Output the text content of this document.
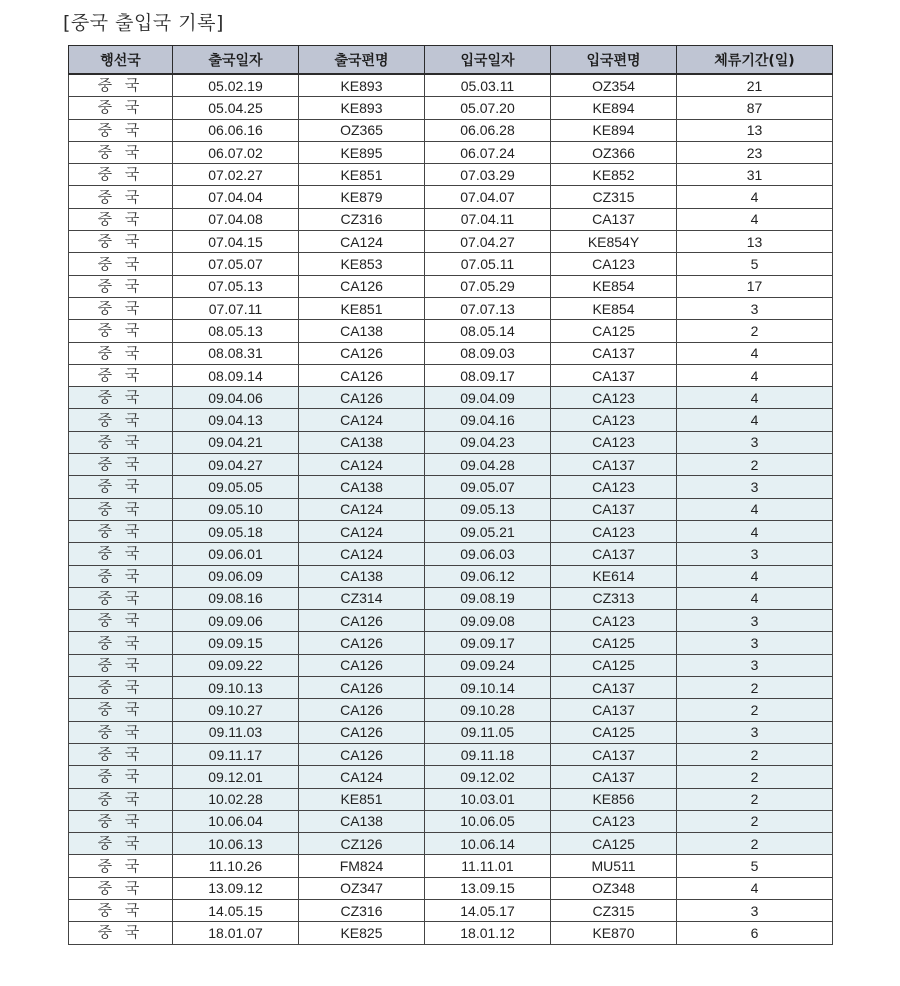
[중국 출입국 기록]
행선국	출국일자	출국편명	입국일자	입국편명	체류기간(일)
중 국	05.02.19	KE893	05.03.11	OZ354	21
중 국	05.04.25	KE893	05.07.20	KE894	87
중 국	06.06.16	OZ365	06.06.28	KE894	13
중 국	06.07.02	KE895	06.07.24	OZ366	23
중 국	07.02.27	KE851	07.03.29	KE852	31
중 국	07.04.04	KE879	07.04.07	CZ315	4
중 국	07.04.08	CZ316	07.04.11	CA137	4
중 국	07.04.15	CA124	07.04.27	KE854Y	13
중 국	07.05.07	KE853	07.05.11	CA123	5
중 국	07.05.13	CA126	07.05.29	KE854	17
중 국	07.07.11	KE851	07.07.13	KE854	3
중 국	08.05.13	CA138	08.05.14	CA125	2
중 국	08.08.31	CA126	08.09.03	CA137	4
중 국	08.09.14	CA126	08.09.17	CA137	4
중 국	09.04.06	CA126	09.04.09	CA123	4
중 국	09.04.13	CA124	09.04.16	CA123	4
중 국	09.04.21	CA138	09.04.23	CA123	3
중 국	09.04.27	CA124	09.04.28	CA137	2
중 국	09.05.05	CA138	09.05.07	CA123	3
중 국	09.05.10	CA124	09.05.13	CA137	4
중 국	09.05.18	CA124	09.05.21	CA123	4
중 국	09.06.01	CA124	09.06.03	CA137	3
중 국	09.06.09	CA138	09.06.12	KE614	4
중 국	09.08.16	CZ314	09.08.19	CZ313	4
중 국	09.09.06	CA126	09.09.08	CA123	3
중 국	09.09.15	CA126	09.09.17	CA125	3
중 국	09.09.22	CA126	09.09.24	CA125	3
중 국	09.10.13	CA126	09.10.14	CA137	2
중 국	09.10.27	CA126	09.10.28	CA137	2
중 국	09.11.03	CA126	09.11.05	CA125	3
중 국	09.11.17	CA126	09.11.18	CA137	2
중 국	09.12.01	CA124	09.12.02	CA137	2
중 국	10.02.28	KE851	10.03.01	KE856	2
중 국	10.06.04	CA138	10.06.05	CA123	2
중 국	10.06.13	CZ126	10.06.14	CA125	2
중 국	11.10.26	FM824	11.11.01	MU511	5
중 국	13.09.12	OZ347	13.09.15	OZ348	4
중 국	14.05.15	CZ316	14.05.17	CZ315	3
중 국	18.01.07	KE825	18.01.12	KE870	6
